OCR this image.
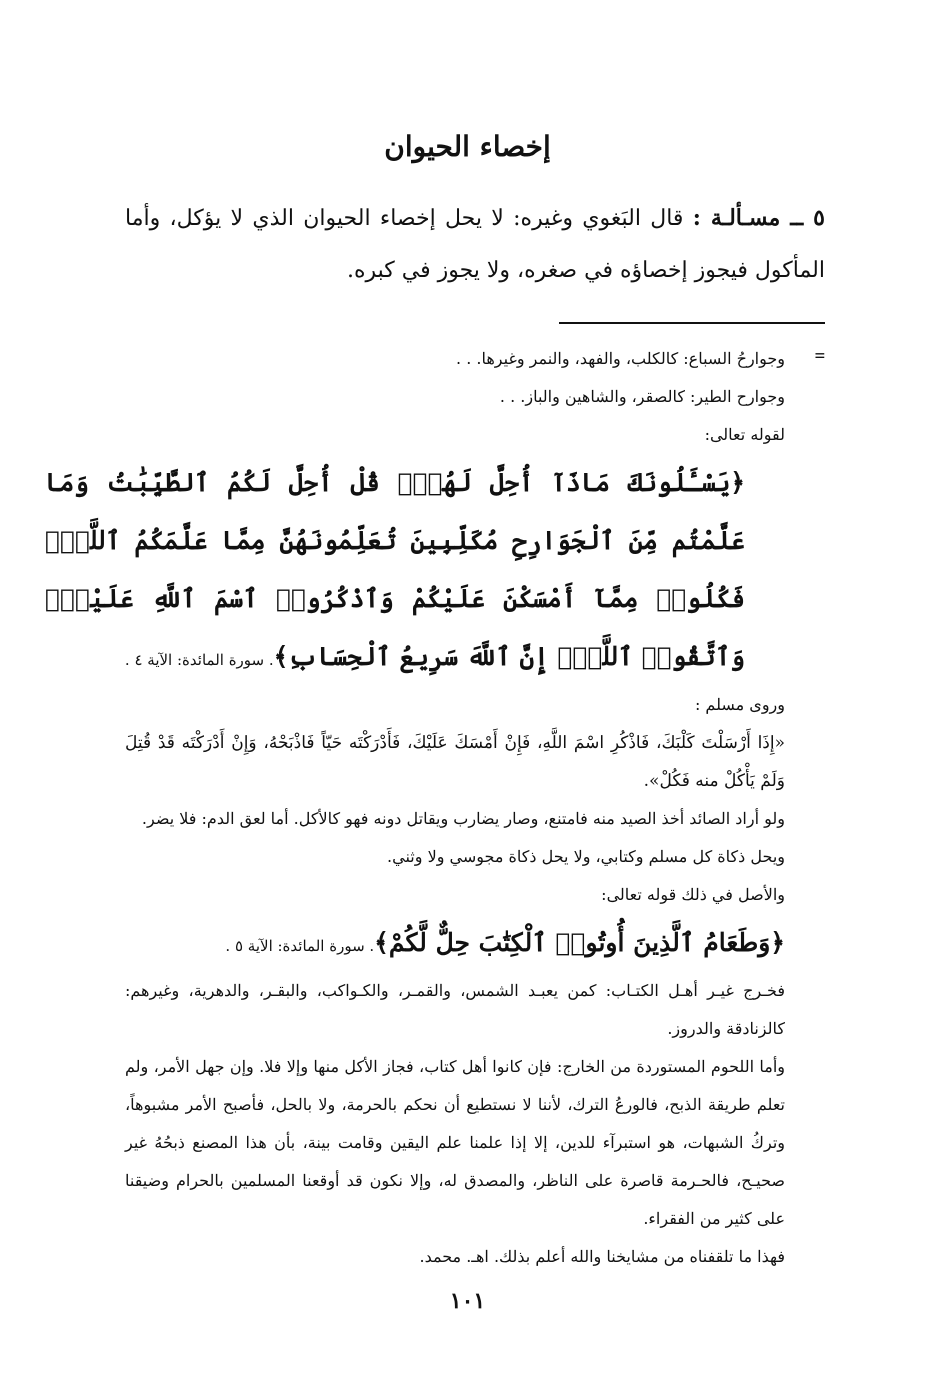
إخصاء الحيوان

٥ ــ مسـألـة : قال البَغوي وغيره: لا يحل إخصاء الحيوان الذي لا يؤكل، وأما المأكول فيجوز إخصاؤه في صغره، ولا يجوز في كبره.

=

وجوارحُ السباع: كالكلب، والفهد، والنمر وغيرها. . .

وجوارح الطير: كالصقر، والشاهين والباز. . .

لقوله تعالى:

﴿يَسْـَٔلُونَكَ مَاذَآ أُحِلَّ لَهُمْۖ قُلْ أُحِلَّ لَكُمُ ٱلطَّيِّبَٰتُ وَمَا عَلَّمْتُم مِّنَ ٱلْجَوَارِحِ مُكَلِّبِينَ تُعَلِّمُونَهُنَّ مِمَّا عَلَّمَكُمُ ٱللَّهُۖ فَكُلُوا۟ مِمَّآ أَمْسَكْنَ عَلَيْكُمْ وَٱذْكُرُوا۟ ٱسْمَ ٱللَّهِ عَلَيْهِۖ وَٱتَّقُوا۟ ٱللَّهَۚ إِنَّ ٱللَّهَ سَرِيعُ ٱلْحِسَابِ﴾. سورة المائدة: الآية ٤ .

وروى مسلم :

«إِذَا أَرْسَلْتَ كَلْبَكَ، فَاذْكُرِ اسْمَ اللَّهِ، فَإِنْ أَمْسَكَ عَلَيْكَ، فَأَدْرَكْتَه حَيّاً فَاذْبَحْهُ، وَإِنْ أَدْرَكْتَه قَدْ قُتِلَ وَلَمْ يَأْكُلْ منه فَكُلْ».

ولو أراد الصائد أخذ الصيد منه فامتنع، وصار يضارب ويقاتل دونه فهو كالأكل. أما لعق الدم: فلا يضر.

ويحل ذكاة كل مسلم وكتابي، ولا يحل ذكاة مجوسي ولا وثني.

والأصل في ذلك قوله تعالى:

﴿وَطَعَامُ ٱلَّذِينَ أُوتُوا۟ ٱلْكِتَٰبَ حِلٌّ لَّكُمْ﴾. سورة المائدة: الآية ٥ .

فخـرج غيـر أهـل الكتـاب: كمن يعبـد الشمس، والقمـر، والكـواكب، والبقـر، والدهرية، وغيرهم: كالزنادقة والدروز.

وأما اللحوم المستوردة من الخارج: فإن كانوا أهل كتاب، فجاز الأكل منها وإلا فلا. وإن جهل الأمر، ولم تعلم طريقة الذبح، فالورعُ الترك، لأننا لا نستطيع أن نحكم بالحرمة، ولا بالحل، فأصبح الأمر مشبوهاً، وتركُ الشبهات، هو استبرآء للدين، إلا إذا علمنا علم اليقين وقامت بينة، بأن هذا المصنع ذبحُهُ غير صحيـح، فالحـرمة قاصرة على الناظر، والمصدق له، وإلا نكون قد أوقعنا المسلمين بالحرام وضيقنا على كثير من الفقراء.

فهذا ما تلقفناه من مشايخنا والله أعلم بذلك. اهـ. محمد.

١٠١
